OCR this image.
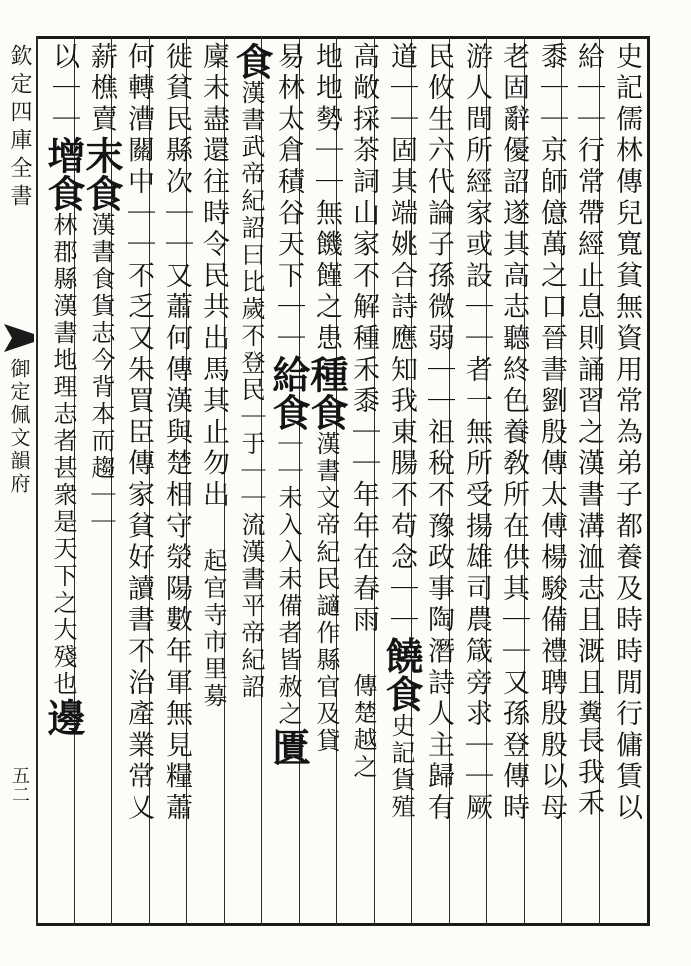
欽定四庫全書
御定佩文韻府
五二	史記儒林傳兒寬貧無資用常為弟子都養及時時閒行傭賃以
給｜｜行常帶經止息則誦習之漢書溝洫志且溉且糞長我禾
黍｜｜京師億萬之口晉書劉殷傳太傅楊駿備禮聘殷殷以母
老固辭優詔遂其高志聽終色養敎所在供其｜｜又孫登傳時
游人間所經家或設｜｜者一無所受揚雄司農箴旁求｜｜厥
民攸生六代論子孫微弱｜｜祖稅不豫政事陶潛詩人主歸有
道｜｜固其端姚合詩應知我東腸不苟念｜｜饒食史記貨殖
高敞採茶詞山家不解種禾黍｜｜年年在春雨傳楚越之
地地勢｜｜無饑饉之患種食漢書文帝紀民讁作縣官及貸
易林太倉積谷天下｜｜給食｜｜未入入未備者皆赦之匱
食漢書武帝紀詔曰比歲不登民｜于｜｜流漢書平帝紀詔
廩未盡還往時令民共出馬其止勿出起官寺市里募
徙貧民縣次｜｜又蕭何傳漢與楚相守滎陽數年軍無見糧蕭
何轉漕關中｜｜不乏又朱買臣傳家貧好讀書不治產業常乂
薪樵賣末食漢書食貨志今背本而趨｜｜
以｜｜增食林郡縣漢書地理志者甚衆是天下之大殘也邊
